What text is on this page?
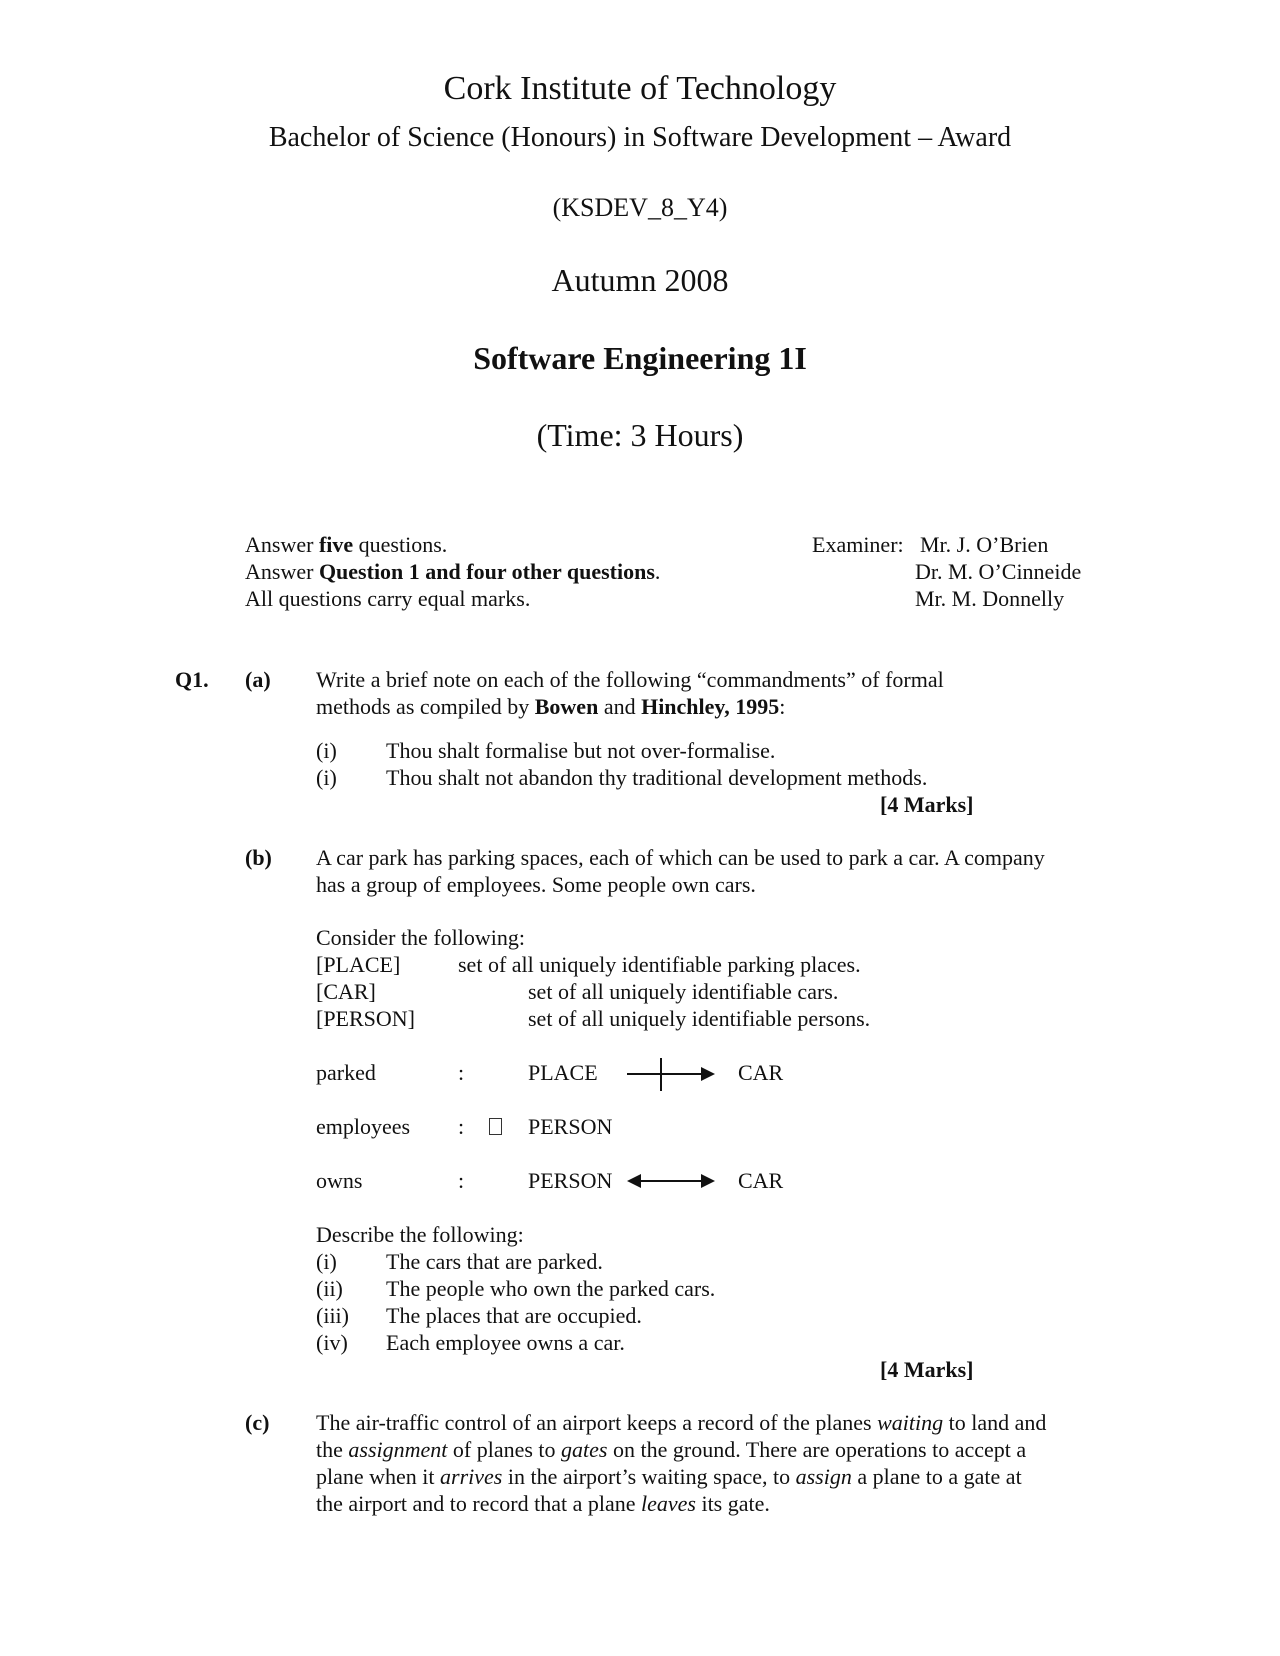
Cork Institute of Technology
Bachelor of Science (Honours) in Software Development – Award
(KSDEV_8_Y4)
Autumn 2008
Software Engineering 1I
(Time: 3 Hours)
Answer five questions.
Answer Question 1 and four other questions.
All questions carry equal marks.
Examiner: Mr. J. O’Brien
Dr. M. O’Cinneide
Mr. M. Donnelly
Q1. (a) Write a brief note on each of the following “commandments” of formal
methods as compiled by Bowen and Hinchley, 1995:
(i) Thou shalt formalise but not over-formalise.
(i) Thou shalt not abandon thy traditional development methods.
[4 Marks]
(b) A car park has parking spaces, each of which can be used to park a car. A company
has a group of employees. Some people own cars.
Consider the following:
[PLACE]	set of all uniquely identifiable parking places.
[CAR]	set of all uniquely identifiable cars.
[PERSON]	set of all uniquely identifiable persons.
parked	:	PLACE	CAR
employees :	PERSON
owns	:	PERSON	CAR
Describe the following:
(i) The cars that are parked.
(ii) The people who own the parked cars.
(iii) The places that are occupied.
(iv) Each employee owns a car.
[4 Marks]
(c) The air-traffic control of an airport keeps a record of the planes waiting to land and
the assignment of planes to gates on the ground. There are operations to accept a
plane when it arrives in the airport’s waiting space, to assign a plane to a gate at
the airport and to record that a plane leaves its gate.
